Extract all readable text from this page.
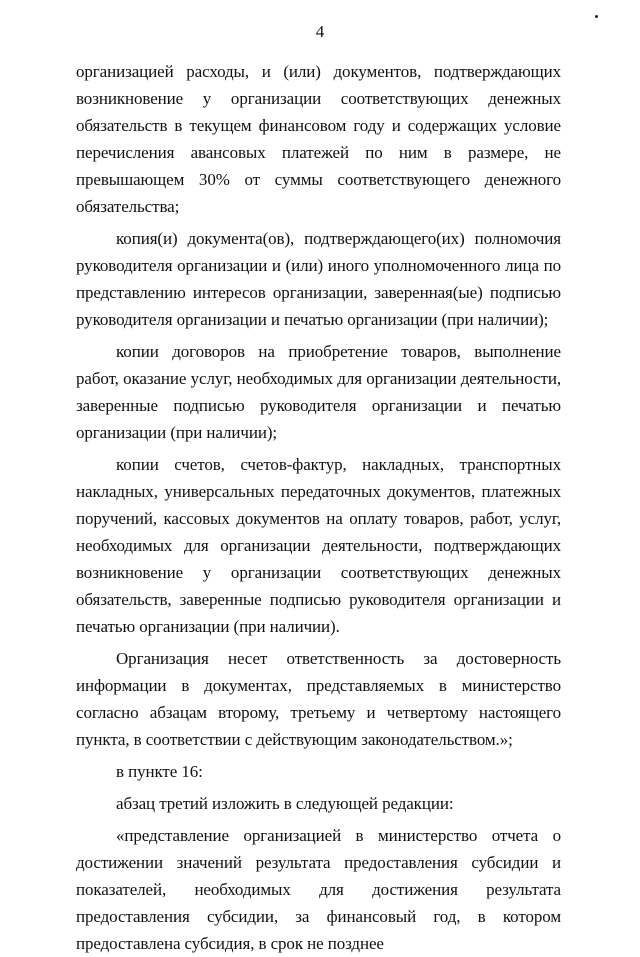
4

организацией расходы, и (или) документов, подтверждающих возникновение у организации соответствующих денежных обязательств в текущем финансовом году и содержащих условие перечисления авансовых платежей по ним в размере, не превышающем 30% от суммы соответствующего денежного обязательства;

копия(и) документа(ов), подтверждающего(их) полномочия руководителя организации и (или) иного уполномоченного лица по представлению интересов организации, заверенная(ые) подписью руководителя организации и печатью организации (при наличии);

копии договоров на приобретение товаров, выполнение работ, оказание услуг, необходимых для организации деятельности, заверенные подписью руководителя организации и печатью организации (при наличии);

копии счетов, счетов-фактур, накладных, транспортных накладных, универсальных передаточных документов, платежных поручений, кассовых документов на оплату товаров, работ, услуг, необходимых для организации деятельности, подтверждающих возникновение у организации соответствующих денежных обязательств, заверенные подписью руководителя организации и печатью организации (при наличии).

Организация несет ответственность за достоверность информации в документах, представляемых в министерство согласно абзацам второму, третьему и четвертому настоящего пункта, в соответствии с действующим законодательством.»;

в пункте 16:

абзац третий изложить в следующей редакции:

«представление организацией в министерство отчета о достижении значений результата предоставления субсидии и показателей, необходимых для достижения результата предоставления субсидии, за финансовый год, в котором предоставлена субсидия, в срок не позднее
